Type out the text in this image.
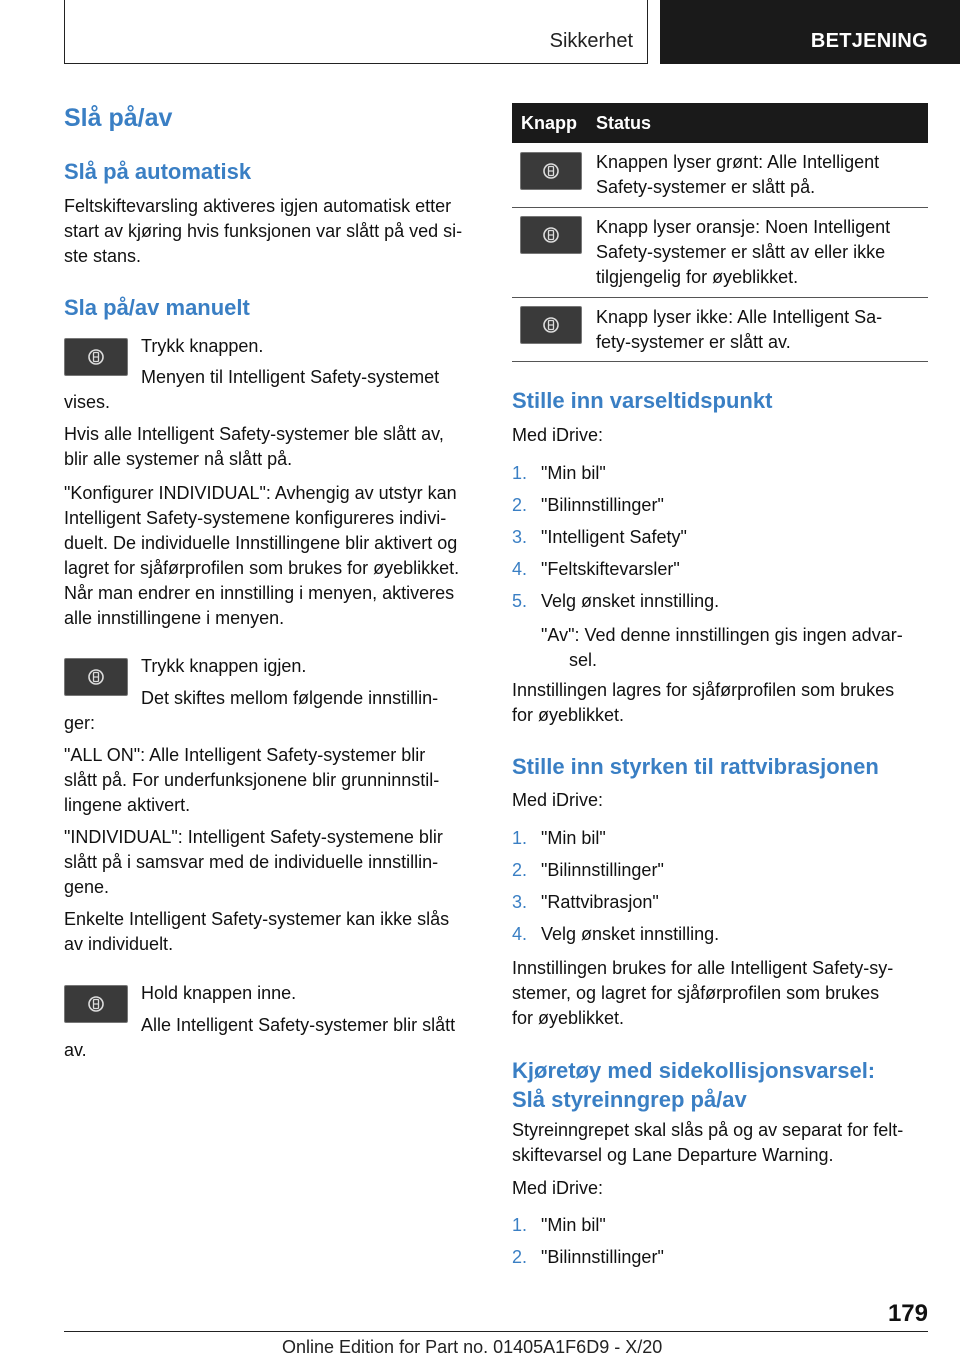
Sikkerhet	BETJENING
Slå på/av
Slå på automatisk
Feltskiftevarsling aktiveres igjen automatisk etter
start av kjøring hvis funksjonen var slått på ved si-
ste stans.
Sla på/av manuelt
Trykk knappen.
Menyen til Intelligent Safety-systemet
vises.
Hvis alle Intelligent Safety-systemer ble slått av,
blir alle systemer nå slått på.
"Konfigurer INDIVIDUAL": Avhengig av utstyr kan
Intelligent Safety-systemene konfigureres indivi-
duelt. De individuelle Innstillingene blir aktivert og
lagret for sjåførprofilen som brukes for øyeblikket.
Når man endrer en innstilling i menyen, aktiveres
alle innstillingene i menyen.
Trykk knappen igjen.
Det skiftes mellom følgende innstillin-
ger:
"ALL ON": Alle Intelligent Safety-systemer blir
slått på. For underfunksjonene blir grunninnstil-
lingene aktivert.
"INDIVIDUAL": Intelligent Safety-systemene blir
slått på i samsvar med de individuelle innstillin-
gene.
Enkelte Intelligent Safety-systemer kan ikke slås
av individuelt.
Hold knappen inne.
Alle Intelligent Safety-systemer blir slått
av.
Knapp Status
Knappen lyser grønt: Alle Intelligent
Safety-systemer er slått på.
Knapp lyser oransje: Noen Intelligent
Safety-systemer er slått av eller ikke
tilgjengelig for øyeblikket.
Knapp lyser ikke: Alle Intelligent Sa-
fety-systemer er slått av.
Stille inn varseltidspunkt
Med iDrive:
1. "Min bil"
2. "Bilinnstillinger"
3. "Intelligent Safety"
4. "Feltskiftevarsler"
5. Velg ønsket innstilling.
"Av": Ved denne innstillingen gis ingen advar-
sel.
Innstillingen lagres for sjåførprofilen som brukes
for øyeblikket.
Stille inn styrken til rattvibrasjonen
Med iDrive:
1. "Min bil"
2. "Bilinnstillinger"
3. "Rattvibrasjon"
4. Velg ønsket innstilling.
Innstillingen brukes for alle Intelligent Safety-sy-
stemer, og lagret for sjåførprofilen som brukes
for øyeblikket.
Kjøretøy med sidekollisjonsvarsel:
Slå styreinngrep på/av
Styreinngrepet skal slås på og av separat for felt-
skiftevarsel og Lane Departure Warning.
Med iDrive:
1. "Min bil"
2. "Bilinnstillinger"
179
Online Edition for Part no. 01405A1F6D9 - X/20
